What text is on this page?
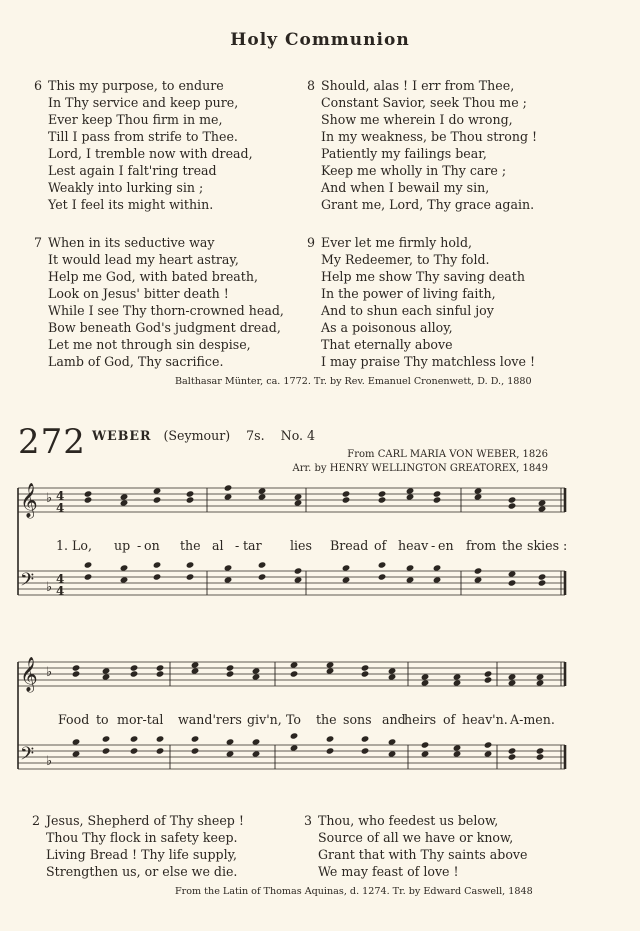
Holy Communion
6 This my purpose, to endure
In Thy service and keep pure,
Ever keep Thou firm in me,
Till I pass from strife to Thee.
Lord, I tremble now with dread,
Lest again I falt'ring tread
Weakly into lurking sin ;
Yet I feel its might within.
8 Should, alas ! I err from Thee,
Constant Savior, seek Thou me ;
Show me wherein I do wrong,
In my weakness, be Thou strong !
Patiently my failings bear,
Keep me wholly in Thy care ;
And when I bewail my sin,
Grant me, Lord, Thy grace again.
7 When in its seductive way
It would lead my heart astray,
Help me God, with bated breath,
Look on Jesus' bitter death !
While I see Thy thorn-crowned head,
Bow beneath God's judgment dread,
Let me not through sin despise,
Lamb of God, Thy sacrifice.
9 Ever let me firmly hold,
My Redeemer, to Thy fold.
Help me show Thy saving death
In the power of living faith,
And to shun each sinful joy
As a poisonous alloy,
That eternally above
I may praise Thy matchless love !
Balthasar Münter, ca. 1772. Tr. by Rev. Emanuel Cronenwett, D. D., 1880
272 WEBER (Seymour) 7s. No. 4
From CARL MARIA VON WEBER, 1826
Arr. by HENRY WELLINGTON GREATOREX, 1849
𝄞
𝄢
♭
♭
4
4
4
4
𝄞
𝄢
♭
♭
1. Lo, up - on the al - tar lies Bread of heav - en from the skies :
Food to mor-tal wand'rers giv'n, To the sons and
heirs of heav'n. A-men.
2 Jesus, Shepherd of Thy sheep !
Thou Thy flock in safety keep.
Living Bread ! Thy life supply,
Strengthen us, or else we die.
3 Thou, who feedest us below,
Source of all we have or know,
Grant that with Thy saints above
We may feast of love !
From the Latin of Thomas Aquinas, d. 1274. Tr. by Edward Caswell, 1848
